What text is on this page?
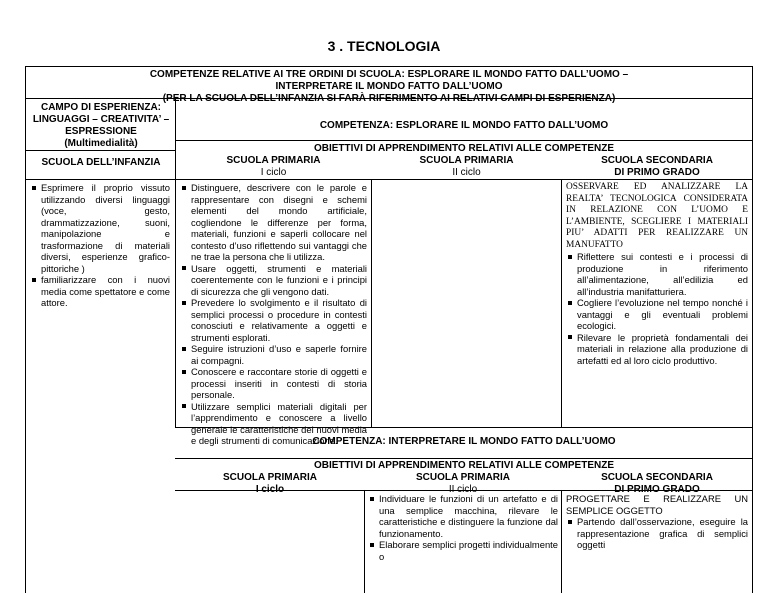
3 . TECNOLOGIA
COMPETENZE RELATIVE AI TRE ORDINI DI SCUOLA: ESPLORARE IL MONDO FATTO DALL’UOMO –
INTERPRETARE IL MONDO FATTO DALL’UOMO
(PER LA SCUOLA DELL’INFANZIA SI FARÀ RIFERIMENTO AI RELATIVI CAMPI DI ESPERIENZA)
CAMPO DI ESPERIENZA:
LINGUAGGI – CREATIVITA’ –
ESPRESSIONE
(Multimedialità)
COMPETENZA: ESPLORARE IL MONDO FATTO DALL’UOMO
OBIETTIVI DI APPRENDIMENTO RELATIVI ALLE COMPETENZE
SCUOLA DELL’INFANZIA	SCUOLA PRIMARIA
I ciclo
SCUOLA PRIMARIA
II ciclo
SCUOLA SECONDARIA
DI PRIMO GRADO
Esprimere il proprio vissuto utilizzando diversi linguaggi (voce, gesto, drammatizzazione, suoni, manipolazione e trasformazione di materiali diversi, esperienze grafico-pittoriche )
familiarizzare con i nuovi media come spettatore e come attore.
Distinguere, descrivere con le parole e rappresentare con disegni e schemi elementi del mondo artificiale, cogliendone le differenze per forma, materiali, funzioni e saperli collocare nel contesto d’uso riflettendo sui vantaggi che ne trae la persona che li utilizza.
Usare oggetti, strumenti e materiali coerentemente con le funzioni e i principi di sicurezza che gli vengono dati.
Prevedere lo svolgimento e il risultato di semplici processi o procedure in contesti conosciuti e relativamente a oggetti e strumenti esplorati.
Seguire istruzioni d’uso e saperle fornire ai compagni.
Conoscere e raccontare storie di oggetti e processi inseriti in contesti di storia personale.
Utilizzare semplici materiali digitali per l’apprendimento e conoscere a livello generale le caratteristiche dei nuovi media e degli strumenti di comunicazione.
OSSERVARE ED ANALIZZARE LA REALTA’ TECNOLOGICA CONSIDERATA IN RELAZIONE CON L’UOMO E L’AMBIENTE, SCEGLIERE I MATERIALI PIU’ ADATTI PER REALIZZARE UN MANUFATTO
Riflettere sui contesti e i processi di produzione in riferimento all’alimentazione, all’edilizia ed all’industria manifatturiera.
Cogliere l’evoluzione nel tempo nonché i vantaggi e gli eventuali problemi ecologici.
Rilevare le proprietà fondamentali dei materiali in relazione alla produzione di artefatti ed al loro ciclo produttivo.
COMPETENZA: INTERPRETARE IL MONDO FATTO DALL’UOMO
OBIETTIVI DI APPRENDIMENTO RELATIVI ALLE COMPETENZE
SCUOLA PRIMARIA
I ciclo
SCUOLA PRIMARIA
II ciclo
SCUOLA SECONDARIA
DI PRIMO GRADO
Individuare le funzioni di un artefatto e di una semplice macchina, rilevare le caratteristiche e distinguere la funzione dal funzionamento.
Elaborare semplici progetti individualmente o
PROGETTARE E REALIZZARE UN SEMPLICE OGGETTO
Partendo dall’osservazione, eseguire la rappresentazione grafica di semplici oggetti
